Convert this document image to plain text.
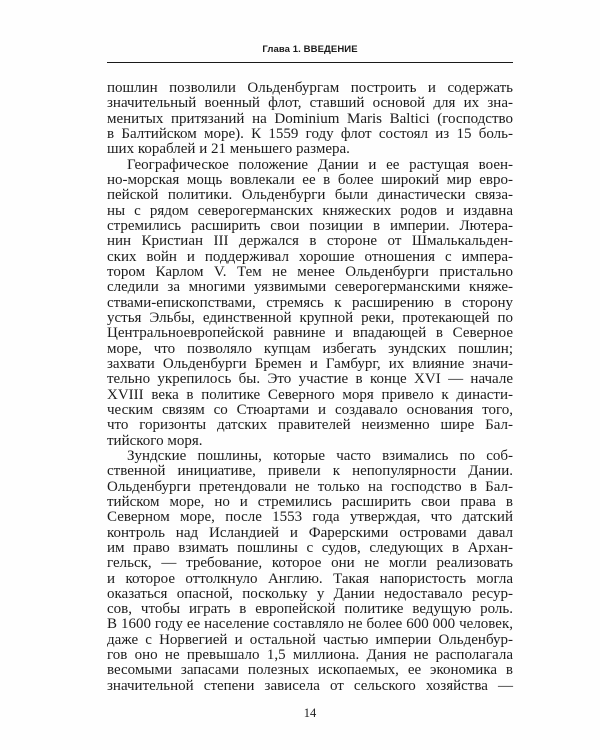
Глава 1. ВВЕДЕНИЕ
пошлин позволили Ольденбургам построить и содержать
значительный военный флот, ставший основой для их зна-
менитых притязаний на Dominium Maris Baltici (господство
в Балтийском море). К 1559 году флот состоял из 15 боль-
ших кораблей и 21 меньшего размера.
Географическое положение Дании и ее растущая воен-
но-морская мощь вовлекали ее в более широкий мир евро-
пейской политики. Ольденбурги были династически связа-
ны с рядом северогерманских княжеских родов и издавна
стремились расширить свои позиции в империи. Лютера-
нин Кристиан III держался в стороне от Шмалькальден-
ских войн и поддерживал хорошие отношения с импера-
тором Карлом V. Тем не менее Ольденбурги пристально
следили за многими уязвимыми северогерманскими княже-
ствами-епископствами, стремясь к расширению в сторону
устья Эльбы, единственной крупной реки, протекающей по
Центральноевропейской равнине и впадающей в Северное
море, что позволяло купцам избегать зундских пошлин;
захвати Ольденбурги Бремен и Гамбург, их влияние значи-
тельно укрепилось бы. Это участие в конце XVI — начале
XVIII века в политике Северного моря привело к династи-
ческим связям со Стюартами и создавало основания того,
что горизонты датских правителей неизменно шире Бал-
тийского моря.
Зундские пошлины, которые часто взимались по соб-
ственной инициативе, привели к непопулярности Дании.
Ольденбурги претендовали не только на господство в Бал-
тийском море, но и стремились расширить свои права в
Северном море, после 1553 года утверждая, что датский
контроль над Исландией и Фарерскими островами давал
им право взимать пошлины с судов, следующих в Архан-
гельск, — требование, которое они не могли реализовать
и которое оттолкнуло Англию. Такая напористость могла
оказаться опасной, поскольку у Дании недоставало ресур-
сов, чтобы играть в европейской политике ведущую роль.
В 1600 году ее население составляло не более 600 000 человек,
даже с Норвегией и остальной частью империи Ольденбур-
гов оно не превышало 1,5 миллиона. Дания не располагала
весомыми запасами полезных ископаемых, ее экономика в
значительной степени зависела от сельского хозяйства —
14
